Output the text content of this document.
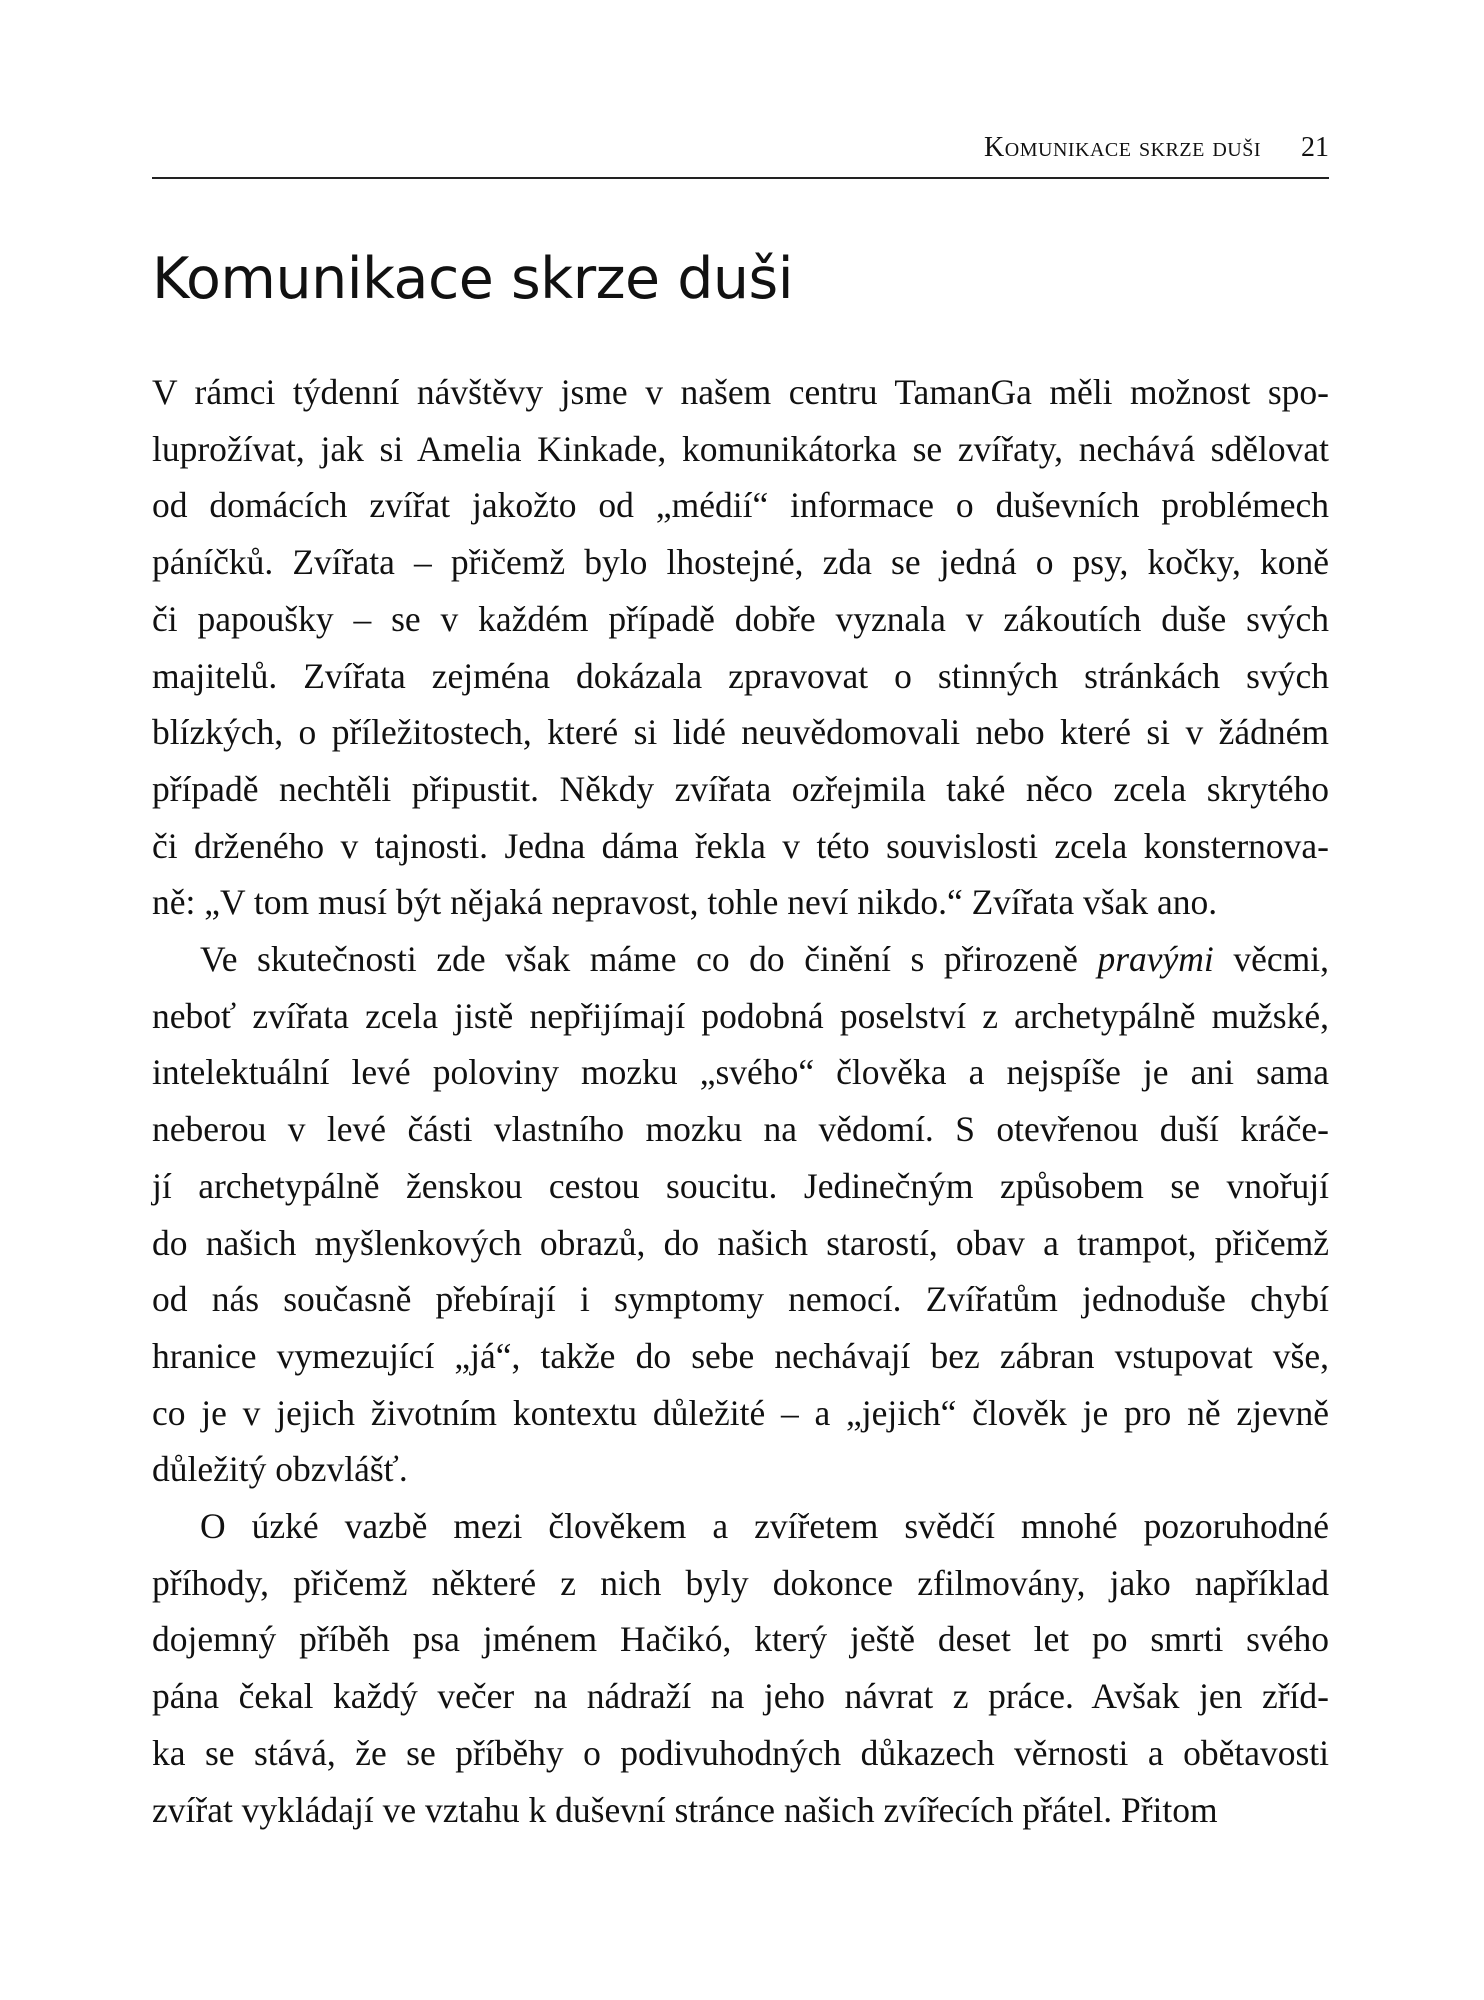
Komunikace skrze duši 21
Komunikace skrze duši

V rámci týdenní návštěvy jsme v našem centru TamanGa měli možnost spo-

luprožívat, jak si Amelia Kinkade, komunikátorka se zvířaty, nechává sdělovat

od domácích zvířat jakožto od „médií“ informace o duševních problémech

páníčků. Zvířata – přičemž bylo lhostejné, zda se jedná o psy, kočky, koně

či papoušky – se v každém případě dobře vyznala v zákoutích duše svých

majitelů. Zvířata zejména dokázala zpravovat o stinných stránkách svých

blízkých, o příležitostech, které si lidé neuvědomovali nebo které si v žádném

případě nechtěli připustit. Někdy zvířata ozřejmila také něco zcela skrytého

či drženého v tajnosti. Jedna dáma řekla v této souvislosti zcela konsternova-

ně: „V tom musí být nějaká nepravost, tohle neví nikdo.“ Zvířata však ano.

Ve skutečnosti zde však máme co do činění s přirozeně pravými věcmi,

neboť zvířata zcela jistě nepřijímají podobná poselství z archetypálně mužské,

intelektuální levé poloviny mozku „svého“ člověka a nejspíše je ani sama

neberou v levé části vlastního mozku na vědomí. S otevřenou duší kráče-

jí archetypálně ženskou cestou soucitu. Jedinečným způsobem se vnořují

do našich myšlenkových obrazů, do našich starostí, obav a trampot, přičemž

od nás současně přebírají i symptomy nemocí. Zvířatům jednoduše chybí

hranice vymezující „já“, takže do sebe nechávají bez zábran vstupovat vše,

co je v jejich životním kontextu důležité – a „jejich“ člověk je pro ně zjevně

důležitý obzvlášť.

O úzké vazbě mezi člověkem a zvířetem svědčí mnohé pozoruhodné

příhody, přičemž některé z nich byly dokonce zfilmovány, jako například

dojemný příběh psa jménem Hačikó, který ještě deset let po smrti svého

pána čekal každý večer na nádraží na jeho návrat z práce. Avšak jen zříd-

ka se stává, že se příběhy o podivuhodných důkazech věrnosti a obětavosti

zvířat vykládají ve vztahu k duševní stránce našich zvířecích přátel. Přitom
